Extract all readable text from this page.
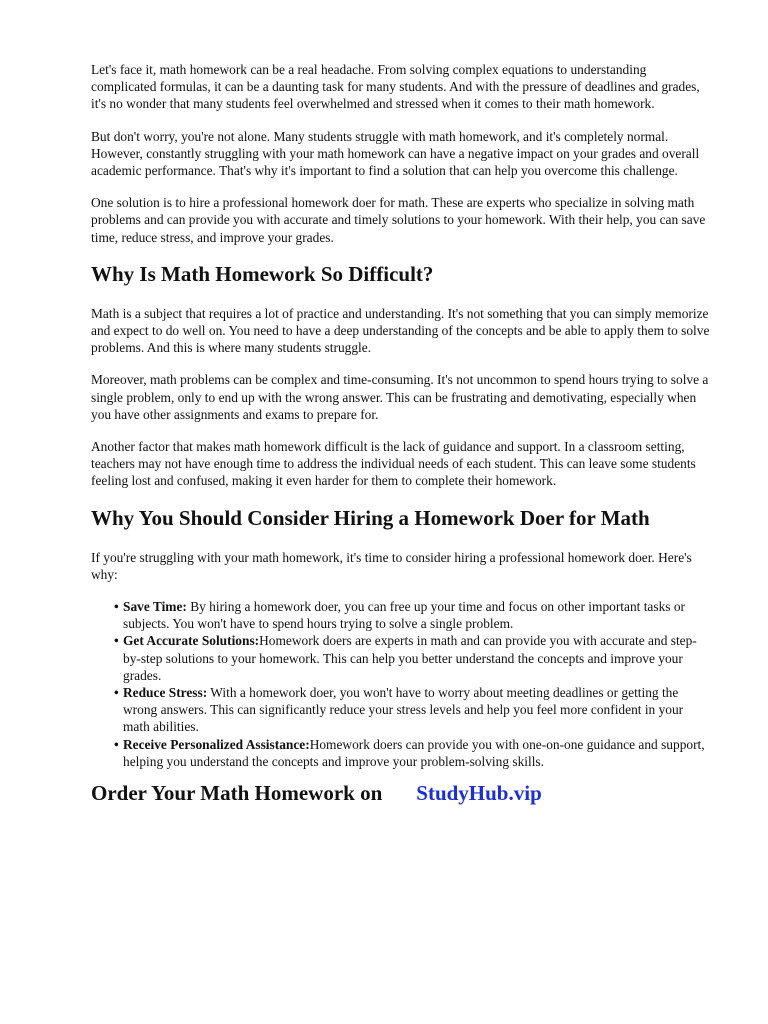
Let's face it, math homework can be a real headache. From solving complex equations to understanding complicated formulas, it can be a daunting task for many students. And with the pressure of deadlines and grades, it's no wonder that many students feel overwhelmed and stressed when it comes to their math homework.

But don't worry, you're not alone. Many students struggle with math homework, and it's completely normal. However, constantly struggling with your math homework can have a negative impact on your grades and overall academic performance. That's why it's important to find a solution that can help you overcome this challenge.

One solution is to hire a professional homework doer for math. These are experts who specialize in solving math problems and can provide you with accurate and timely solutions to your homework. With their help, you can save time, reduce stress, and improve your grades.

Why Is Math Homework So Difficult?

Math is a subject that requires a lot of practice and understanding. It's not something that you can simply memorize and expect to do well on. You need to have a deep understanding of the concepts and be able to apply them to solve problems. And this is where many students struggle.

Moreover, math problems can be complex and time-consuming. It's not uncommon to spend hours trying to solve a single problem, only to end up with the wrong answer. This can be frustrating and demotivating, especially when you have other assignments and exams to prepare for.

Another factor that makes math homework difficult is the lack of guidance and support. In a classroom setting, teachers may not have enough time to address the individual needs of each student. This can leave some students feeling lost and confused, making it even harder for them to complete their homework.

Why You Should Consider Hiring a Homework Doer for Math

If you're struggling with your math homework, it's time to consider hiring a professional homework doer. Here's why:

• Save Time: By hiring a homework doer, you can free up your time and focus on other important tasks or subjects. You won't have to spend hours trying to solve a single problem.
• Get Accurate Solutions:Homework doers are experts in math and can provide you with accurate and step-by-step solutions to your homework. This can help you better understand the concepts and improve your grades.
• Reduce Stress: With a homework doer, you won't have to worry about meeting deadlines or getting the wrong answers. This can significantly reduce your stress levels and help you feel more confident in your math abilities.
• Receive Personalized Assistance:Homework doers can provide you with one-on-one guidance and support, helping you understand the concepts and improve your problem-solving skills.
Order Your Math Homework on StudyHub.vip
